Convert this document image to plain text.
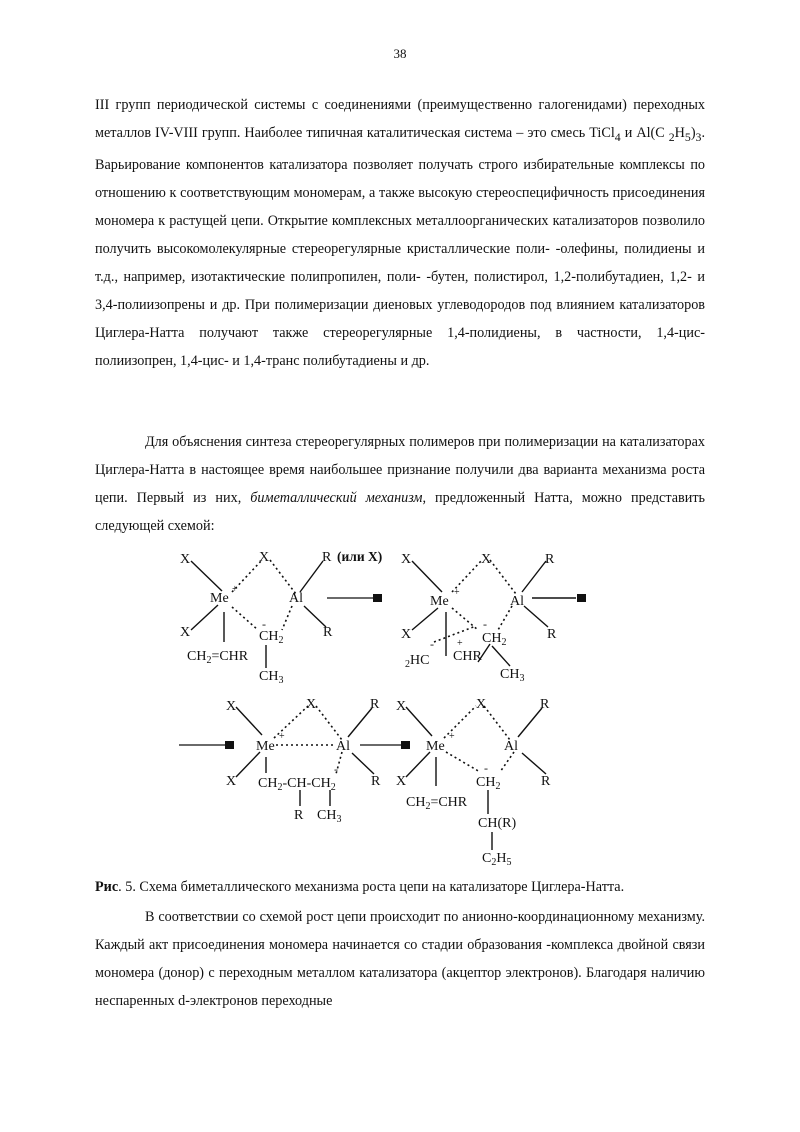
38

III групп периодической системы с соединениями (преимущественно галогенидами) переходных металлов IV-VIII групп. Наиболее типичная каталитическая система – это смесь TiCl$_4$ и Al(C $_2H_5)_3$. Варьирование компонентов катализатора позволяет получать строго избирательные комплексы по отношению к соответствующим мономерам, а также высокую стереоспецифичность присоединения мономера к растущей цепи. Открытие комплексных металлоорганических катализаторов позволило получить высокомолекулярные стереорегулярные кристаллические поли- -олефины, полидиены и т.д., например, изотактические полипропилен, поли- -бутен, полистирол, 1,2-полибутадиен, 1,2- и 3,4-полиизопрены и др. При полимеризации диеновых углеводородов под влиянием катализаторов Циглера-Натта получают также стереорегулярные 1,4-полидиены, в частности, 1,4-цис-полиизопрен, 1,4-цис- и 1,4-транс полибутадиены и др.

Для объяснения синтеза стереорегулярных полимеров при полимеризации на катализаторах Циглера-Натта в настоящее время наибольшее признание получили два варианта механизма роста цепи. Первый из них, биметаллический механизм, предложенный Натта, можно представить следующей схемой:

X	X	R (или X)
Me
+
Al
X	R
-
$CH_2$
$CH_2=CHR$
$CH_3$
X	X	R
Me
+
Al
X	R
-
$CH_2$
- +
$_2$HC CHR
$CH_3$
X	X	R
Me
+
Al
X	R
-
$CH_2-CH-CH_2$
R $CH_3$
X	X	R
Me
+
Al
X	R
-
$CH_2$
$CH_2=CHR$
CH(R)
$C_2H_5$

Рис. 5. Схема биметаллического механизма роста цепи на катализаторе Циглера-Натта.

В соответствии со схемой рост цепи происходит по анионно-координационному механизму. Каждый акт присоединения мономера начинается со стадии образования -комплекса двойной связи мономера (донор) с переходным металлом катализатора (акцептор электронов). Благодаря наличию неспаренных d-электронов переходные
